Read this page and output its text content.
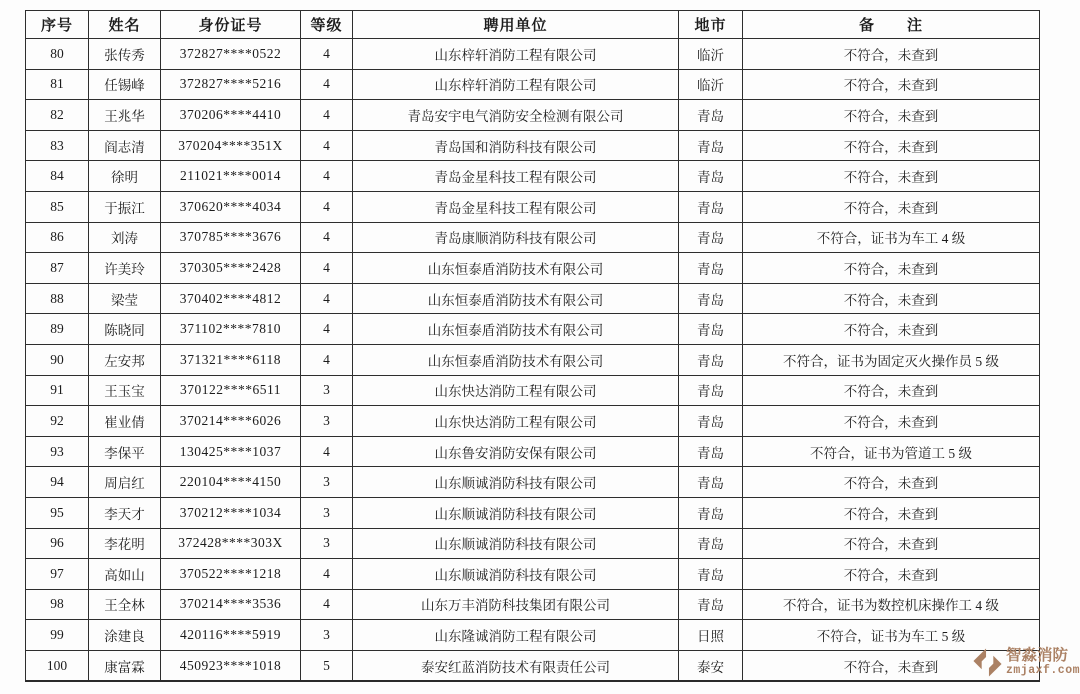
序号	姓名	身份证号	等级	聘用单位	地市	备　　注
80	张传秀	372827****0522	4	山东梓轩消防工程有限公司	临沂	不符合，未查到
81	任锡峰	372827****5216	4	山东梓轩消防工程有限公司	临沂	不符合，未查到
82	王兆华	370206****4410	4	青岛安宇电气消防安全检测有限公司	青岛	不符合，未查到
83	阎志清	370204****351X	4	青岛国和消防科技有限公司	青岛	不符合，未查到
84	徐明	211021****0014	4	青岛金星科技工程有限公司	青岛	不符合，未查到
85	于振江	370620****4034	4	青岛金星科技工程有限公司	青岛	不符合，未查到
86	刘涛	370785****3676	4	青岛康顺消防科技有限公司	青岛	不符合，证书为车工 4 级
87	许美玲	370305****2428	4	山东恒泰盾消防技术有限公司	青岛	不符合，未查到
88	梁莹	370402****4812	4	山东恒泰盾消防技术有限公司	青岛	不符合，未查到
89	陈晓同	371102****7810	4	山东恒泰盾消防技术有限公司	青岛	不符合，未查到
90	左安邦	371321****6118	4	山东恒泰盾消防技术有限公司	青岛	不符合，证书为固定灭火操作员 5 级
91	王玉宝	370122****6511	3	山东快达消防工程有限公司	青岛	不符合，未查到
92	崔业倩	370214****6026	3	山东快达消防工程有限公司	青岛	不符合，未查到
93	李保平	130425****1037	4	山东鲁安消防安保有限公司	青岛	不符合，证书为管道工 5 级
94	周启红	220104****4150	3	山东顺诚消防科技有限公司	青岛	不符合，未查到
95	李天才	370212****1034	3	山东顺诚消防科技有限公司	青岛	不符合，未查到
96	李花明	372428****303X	3	山东顺诚消防科技有限公司	青岛	不符合，未查到
97	高如山	370522****1218	4	山东顺诚消防科技有限公司	青岛	不符合，未查到
98	王全林	370214****3536	4	山东万丰消防科技集团有限公司	青岛	不符合，证书为数控机床操作工 4 级
99	涂建良	420116****5919	3	山东隆诚消防工程有限公司	日照	不符合，证书为车工 5 级
100	康富霖	450923****1018	5	泰安红蓝消防技术有限责任公司	泰安	不符合，未查到
智淼消防
zmjaxf.com
